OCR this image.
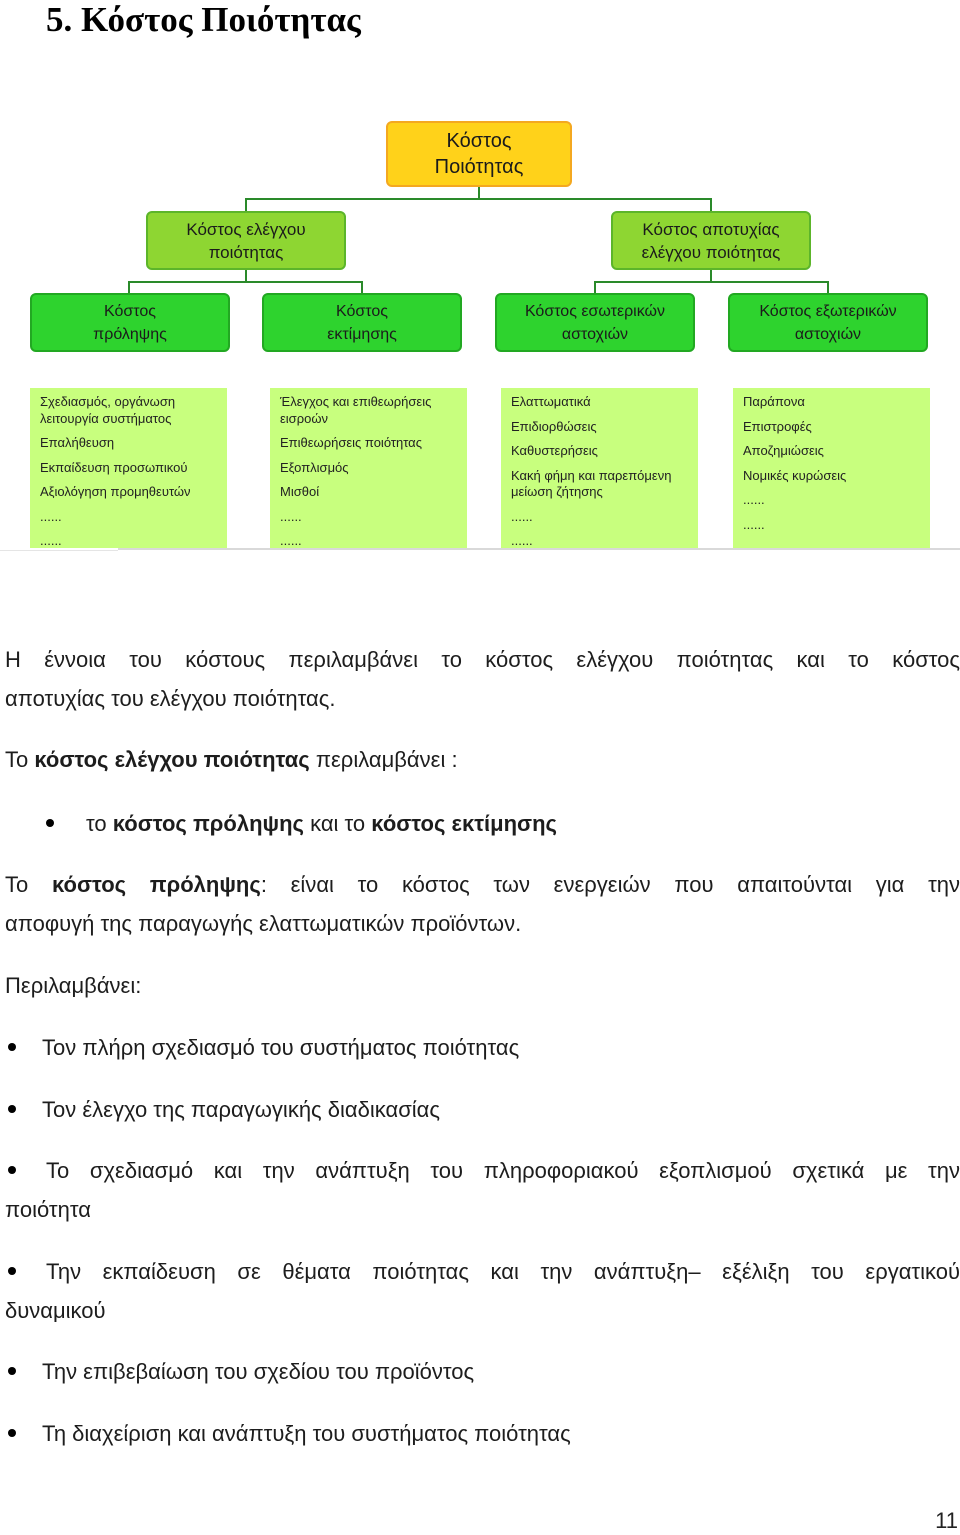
5. Κόστος Ποιότητας
Κόστος
Ποιότητας
Κόστος ελέγχου
ποιότητας
Κόστος αποτυχίας
ελέγχου ποιότητας
Κόστος
πρόληψης
Κόστος
εκτίμησης
Κόστος εσωτερικών
αστοχιών
Κόστος εξωτερικών
αστοχιών
Σχεδιασμός, οργάνωση λειτουργία συστήματος
Επαλήθευση
Εκπαίδευση προσωπικού
Αξιολόγηση προμηθευτών
......
......
Έλεγχος και επιθεωρήσεις εισροών
Επιθεωρήσεις ποιότητας
Εξοπλισμός
Μισθοί
......
......
Ελαττωματικά
Επιδιορθώσεις
Καθυστερήσεις
Κακή φήμη και παρεπόμενη μείωση ζήτησης
......
......
Παράπονα
Επιστροφές
Αποζημιώσεις
Νομικές κυρώσεις
......
......

Η έννοια του κόστους περιλαμβάνει το κόστος ελέγχου ποιότητας και το κόστος

αποτυχίας του ελέγχου ποιότητας.

Το κόστος ελέγχου ποιότητας περιλαμβάνει :

το κόστος πρόληψης και το κόστος εκτίμησης

Το κόστος πρόληψης: είναι το κόστος των ενεργειών που απαιτούνται για την

αποφυγή της παραγωγής ελαττωματικών προϊόντων.

Περιλαμβάνει:

Τον πλήρη σχεδιασμό του συστήματος ποιότητας

Τον έλεγχο της παραγωγικής διαδικασίας

Το σχεδιασμό και την ανάπτυξη του πληροφοριακού εξοπλισμού σχετικά με την

ποιότητα

Την εκπαίδευση σε θέματα ποιότητας και την ανάπτυξη– εξέλιξη του εργατικού

δυναμικού

Την επιβεβαίωση του σχεδίου του προϊόντος

Τη διαχείριση και ανάπτυξη του συστήματος ποιότητας

11
